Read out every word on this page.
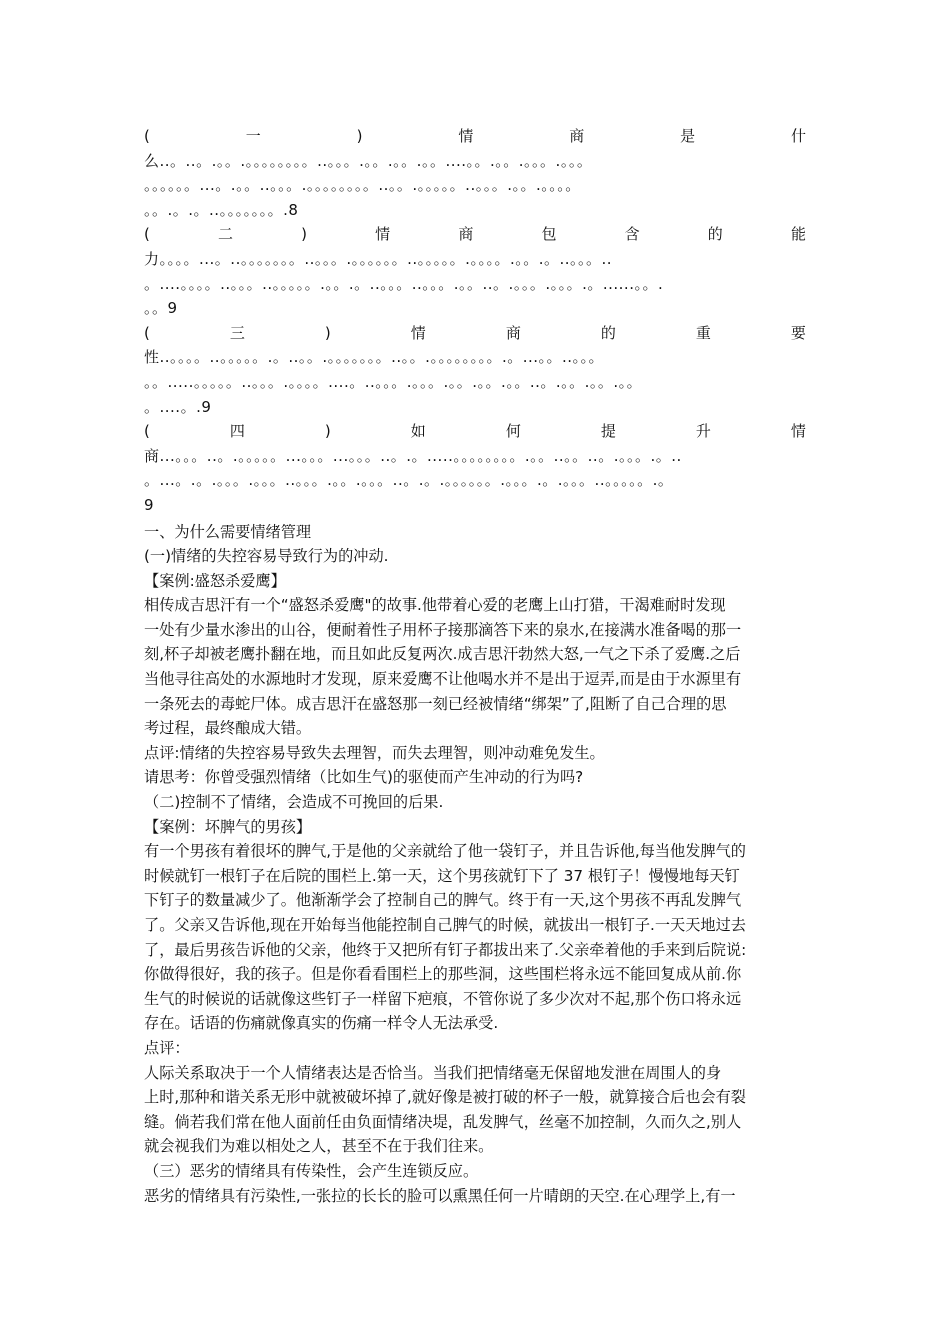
(	一	)	情	商	是	什
么..。..。.。。.。。。。。。。。..。。。.。。.。。.。。....。。.。。.。。。.。。。
。。。。。。...。.。。..。。。.。。。。。。。。..。。.。。。。。..。。。.。。.。。。。
。。.。.。..。。。。。。。.8
(	二	)	情	商	包	含	的	能
力。。。。...。..。。。。。。。..。。。.。。。。。。..。。。。。.。。。。.。。.。..。。。..
。....。。。。..。。。..。。。。。.。。.。..。。。..。。。.。。..。.。。。.。。。.。......。。.
。。9
(	三	)	情	商	的	重	要
性..。。。。..。。。。。.。..。。.。。。。。。。..。。.。。。。。。。。.。...。。..。。。
。。.....。。。。。..。。。.。。。。....。..。。。.。。。.。。.。。.。。..。.。。.。。.。。
。....。.9
(	四	)	如	何	提	升	情
商...。。。..。.。。。。。...。。。...。。。..。.。.....。。。。。。。。.。。..。。..。.。。。.。..
。...。.。.。。。.。。。..。。。.。。.。。。..。.。.。。。。。。.。。。.。.。。。..。。。。。.。
9
一、为什么需要情绪管理
(一)情绪的失控容易导致行为的冲动.
【案例:盛怒杀爱鹰】
相传成吉思汗有一个“盛怒杀爱鹰"的故事.他带着心爱的老鹰上山打猎，干渴难耐时发现
一处有少量水渗出的山谷，便耐着性子用杯子接那滴答下来的泉水,在接满水准备喝的那一
刻,杯子却被老鹰扑翻在地，而且如此反复两次.成吉思汗勃然大怒,一气之下杀了爱鹰.之后
当他寻往高处的水源地时才发现，原来爱鹰不让他喝水并不是出于逗弄,而是由于水源里有
一条死去的毒蛇尸体。成吉思汗在盛怒那一刻已经被情绪“绑架”了,阻断了自己合理的思
考过程，最终酿成大错。
点评:情绪的失控容易导致失去理智，而失去理智，则冲动难免发生。
请思考：你曾受强烈情绪（比如生气)的驱使而产生冲动的行为吗?
（二)控制不了情绪，会造成不可挽回的后果.
【案例：坏脾气的男孩】
有一个男孩有着很坏的脾气,于是他的父亲就给了他一袋钉子，并且告诉他,每当他发脾气的
时候就钉一根钉子在后院的围栏上.第一天，这个男孩就钉下了 37 根钉子！慢慢地每天钉
下钉子的数量减少了。他渐渐学会了控制自己的脾气。终于有一天,这个男孩不再乱发脾气
了。父亲又告诉他,现在开始每当他能控制自己脾气的时候，就拔出一根钉子.一天天地过去
了，最后男孩告诉他的父亲，他终于又把所有钉子都拔出来了.父亲牵着他的手来到后院说:
你做得很好，我的孩子。但是你看看围栏上的那些洞，这些围栏将永远不能回复成从前.你
生气的时候说的话就像这些钉子一样留下疤痕，不管你说了多少次对不起,那个伤口将永远
存在。话语的伤痛就像真实的伤痛一样令人无法承受.
点评：
人际关系取决于一个人情绪表达是否恰当。当我们把情绪毫无保留地发泄在周围人的身
上时,那种和谐关系无形中就被破坏掉了,就好像是被打破的杯子一般，就算接合后也会有裂
缝。倘若我们常在他人面前任由负面情绪决堤，乱发脾气，丝毫不加控制，久而久之,别人
就会视我们为难以相处之人，甚至不在于我们往来。
（三）恶劣的情绪具有传染性，会产生连锁反应。
恶劣的情绪具有污染性,一张拉的长长的脸可以熏黑任何一片晴朗的天空.在心理学上,有一
